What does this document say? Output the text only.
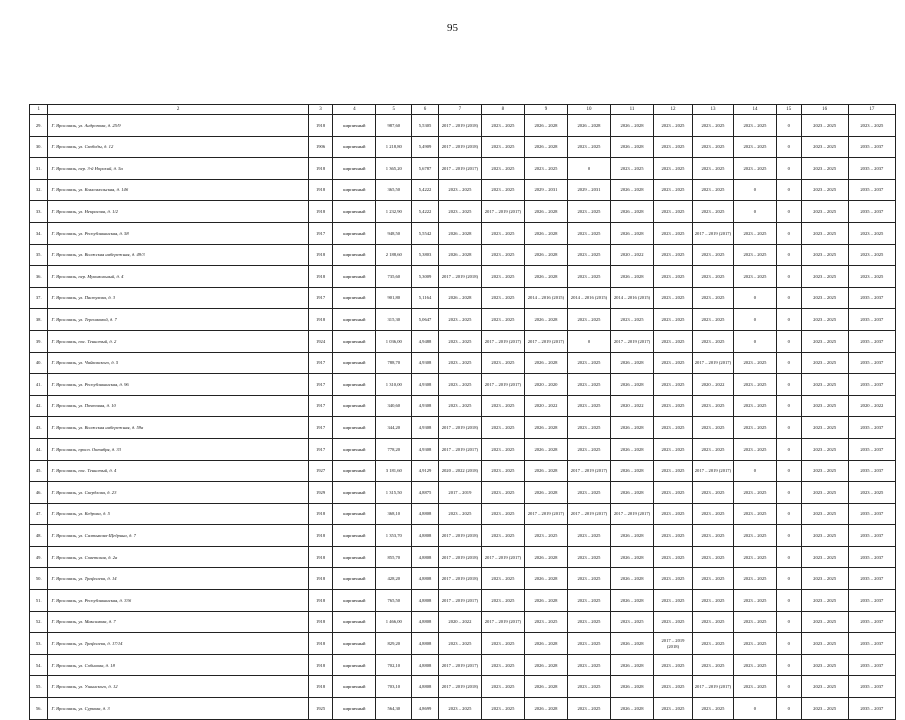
95
1	2	3	4	5	6	7	8	9	10	11	12	13	14	15	16	17
29.	Г. Ярославль, ул. Андропова, д. 25/9	1918	кирпичный	987,60	5,5305	2017 – 2019 (2018)	2023 – 2025	2026 – 2028	2026 – 2028	2026 – 2028	2023 – 2025	2023 – 2025	2023 – 2025	0	2023 – 2025	2023 – 2025
30.	Г. Ярославль, ул. Свободы, д. 12	1906	кирпичный	1 218,80	5,4909	2017 – 2019 (2018)	2023 – 2025	2026 – 2028	2023 – 2025	2026 – 2028	2023 – 2025	2023 – 2025	2023 – 2025	0	2023 – 2025	2035 – 2037
31.	Г. Ярославль, пер. 3-й Норский, д. 5а	1918	кирпичный	1 365,20	5,6787	2017 – 2019 (2017)	2023 – 2025	2023 – 2025	0	2023 – 2025	2023 – 2025	2023 – 2025	2023 – 2025	0	2023 – 2025	2035 – 2037
32.	Г. Ярославль, ул. Комсомольская, д. 14б	1918	кирпичный	365,50	5,4222	2023 – 2025	2023 – 2025	2029 – 2031	2029 – 2031	2026 – 2028	2023 – 2025	2023 – 2025	0	0	2023 – 2025	2035 – 2037
33.	Г. Ярославль, ул. Некрасова, д. 1/2	1918	кирпичный	1 232,90	5,4222	2023 – 2025	2017 – 2019 (2017)	2026 – 2028	2023 – 2025	2026 – 2028	2023 – 2025	2023 – 2025	0	0	2023 – 2025	2035 – 2037
34.	Г. Ярославль, ул. Республиканская, д. 58	1917	кирпичный	948,50	5,5542	2026 – 2028	2023 – 2025	2026 – 2028	2023 – 2025	2026 – 2028	2023 – 2025	2017 – 2019 (2017)	2023 – 2025	0	2023 – 2025	2023 – 2025
35.	Г. Ярославль, ул. Волжская набережная, д. 49/3	1918	кирпичный	2 188,60	5,3803	2026 – 2028	2023 – 2025	2026 – 2028	2023 – 2025	2020 – 2022	2023 – 2025	2023 – 2025	2023 – 2025	0	2023 – 2025	2023 – 2025
36.	Г. Ярославль, пер. Мукомольный, д. 4	1918	кирпичный	735,60	5,3009	2017 – 2019 (2018)	2023 – 2025	2026 – 2028	2023 – 2025	2026 – 2028	2023 – 2025	2023 – 2025	2023 – 2025	0	2023 – 2025	2023 – 2025
37.	Г. Ярославль, ул. Пастухова, д. 3	1917	кирпичный	901,80	5,1164	2026 – 2028	2023 – 2025	2014 – 2016 (2015)	2014 – 2016 (2015)	2014 – 2016 (2015)	2023 – 2025	2023 – 2025	0	0	2023 – 2025	2035 – 2037
38.	Г. Ярославль, ул. Терешковой, д. 7	1918	кирпичный	315,30	5,0647	2023 – 2025	2023 – 2025	2026 – 2028	2023 – 2025	2023 – 2025	2023 – 2025	2023 – 2025	0	0	2023 – 2025	2035 – 2037
39.	Г. Ярославль, пос. Тенистый, д. 2	1924	кирпичный	1 036,00	4,9488	2023 – 2025	2017 – 2019 (2017)	2017 – 2019 (2017)	0	2017 – 2019 (2017)	2023 – 2025	2023 – 2025	0	0	2023 – 2025	2035 – 2037
40.	Г. Ярославль, ул. Чайковского, д. 5	1917	кирпичный	788,70	4,9308	2023 – 2025	2023 – 2025	2026 – 2028	2023 – 2025	2026 – 2028	2023 – 2025	2017 – 2019 (2017)	2023 – 2025	0	2023 – 2025	2035 – 2037
41.	Г. Ярославль, ул. Республиканская, д. 96	1917	кирпичный	1 310,00	4,9308	2023 – 2025	2017 – 2019 (2017)	2020 – 2020	2023 – 2025	2026 – 2028	2023 – 2025	2020 – 2022	2023 – 2025	0	2023 – 2025	2035 – 2037
42.	Г. Ярославль, ул. Почтовая, д. 10	1917	кирпичный	340,60	4,9308	2023 – 2025	2023 – 2025	2020 – 2022	2023 – 2025	2020 – 2022	2023 – 2025	2023 – 2025	2023 – 2025	0	2023 – 2025	2020 – 2022
43.	Г. Ярославль, ул. Волжская набережная, д. 59а	1917	кирпичный	344,20	4,9308	2017 – 2019 (2018)	2023 – 2025	2026 – 2028	2023 – 2025	2026 – 2028	2023 – 2025	2023 – 2025	2023 – 2025	0	2023 – 2025	2035 – 2037
44.	Г. Ярославль, просп. Октября, д. 33	1917	кирпичный	778,20	4,9308	2017 – 2019 (2017)	2023 – 2025	2026 – 2028	2023 – 2025	2026 – 2028	2023 – 2025	2023 – 2025	2023 – 2025	0	2023 – 2025	2035 – 2037
45.	Г. Ярославль, пос. Тенистый, д. 4	1927	кирпичный	3 181,60	4,9129	2020 – 2022 (2018)	2023 – 2025	2026 – 2028	2017 – 2019 (2017)	2026 – 2028	2023 – 2025	2017 – 2019 (2017)	0	0	2023 – 2025	2035 – 2037
46.	Г. Ярославль, ул. Свердлова, д. 23	1929	кирпичный	1 315,50	4,8875	2017 – 2019	2023 – 2025	2026 – 2028	2023 – 2025	2026 – 2028	2023 – 2025	2023 – 2025	2023 – 2025	0	2023 – 2025	2023 – 2025
47.	Г. Ярославль, ул. Кедрова, д. 5	1918	кирпичный	368,10	4,8808	2023 – 2025	2023 – 2025	2017 – 2019 (2017)	2017 – 2019 (2017)	2017 – 2019 (2017)	2023 – 2025	2023 – 2025	2023 – 2025	0	2023 – 2025	2035 – 2037
48.	Г. Ярославль, ул. Салтыкова-Щедрина, д. 7	1918	кирпичный	1 353,70	4,8808	2017 – 2019 (2018)	2023 – 2025	2023 – 2025	2023 – 2025	2026 – 2028	2023 – 2025	2023 – 2025	2023 – 2025	0	2023 – 2025	2035 – 2037
49.	Г. Ярославль, ул. Советская, д. 2а	1918	кирпичный	855,70	4,8808	2017 – 2019 (2018)	2017 – 2019 (2017)	2026 – 2028	2023 – 2025	2026 – 2028	2023 – 2025	2023 – 2025	2023 – 2025	0	2023 – 2025	2035 – 2037
50.	Г. Ярославль, ул. Трефолева, д. 14	1918	кирпичный	428,20	4,8808	2017 – 2019 (2018)	2023 – 2025	2026 – 2028	2023 – 2025	2026 – 2028	2023 – 2025	2023 – 2025	2023 – 2025	0	2023 – 2025	2035 – 2037
51.	Г. Ярославль, ул. Республиканская, д. 33б	1918	кирпичный	765,50	4,8808	2017 – 2019 (2017)	2023 – 2025	2026 – 2028	2023 – 2025	2026 – 2028	2023 – 2025	2023 – 2025	2023 – 2025	0	2023 – 2025	2035 – 2037
52.	Г. Ярославль, ул. Максимова, д. 7	1918	кирпичный	1 466,00	4,8808	2020 – 2022	2017 – 2019 (2017)	2023 – 2025	2023 – 2025	2023 – 2025	2023 – 2025	2023 – 2025	2023 – 2025	0	2023 – 2025	2035 – 2037
53.	Г. Ярославль, ул. Трефолева, д. 17/14	1918	кирпичный	829,20	4,8808	2023 – 2025	2023 – 2025	2026 – 2028	2023 – 2025	2026 – 2028	2017 – 2019 (2018)	2023 – 2025	2023 – 2025	0	2023 – 2025	2035 – 2037
54.	Г. Ярославль, ул. Собинова, д. 18	1918	кирпичный	702,10	4,8808	2017 – 2019 (2017)	2023 – 2025	2026 – 2028	2023 – 2025	2026 – 2028	2023 – 2025	2023 – 2025	2023 – 2025	0	2023 – 2025	2035 – 2037
55.	Г. Ярославль, ул. Ушинского, д. 12	1918	кирпичный	703,10	4,8808	2017 – 2019 (2018)	2023 – 2025	2026 – 2028	2023 – 2025	2026 – 2028	2023 – 2025	2017 – 2019 (2017)	2023 – 2025	0	2023 – 2025	2035 – 2037
56.	Г. Ярославль, ул. Суркова, д. 3	1925	кирпичный	564,30	4,8699	2023 – 2025	2023 – 2025	2026 – 2028	2023 – 2025	2026 – 2028	2023 – 2025	2023 – 2025	0	0	2023 – 2025	2035 – 2037
